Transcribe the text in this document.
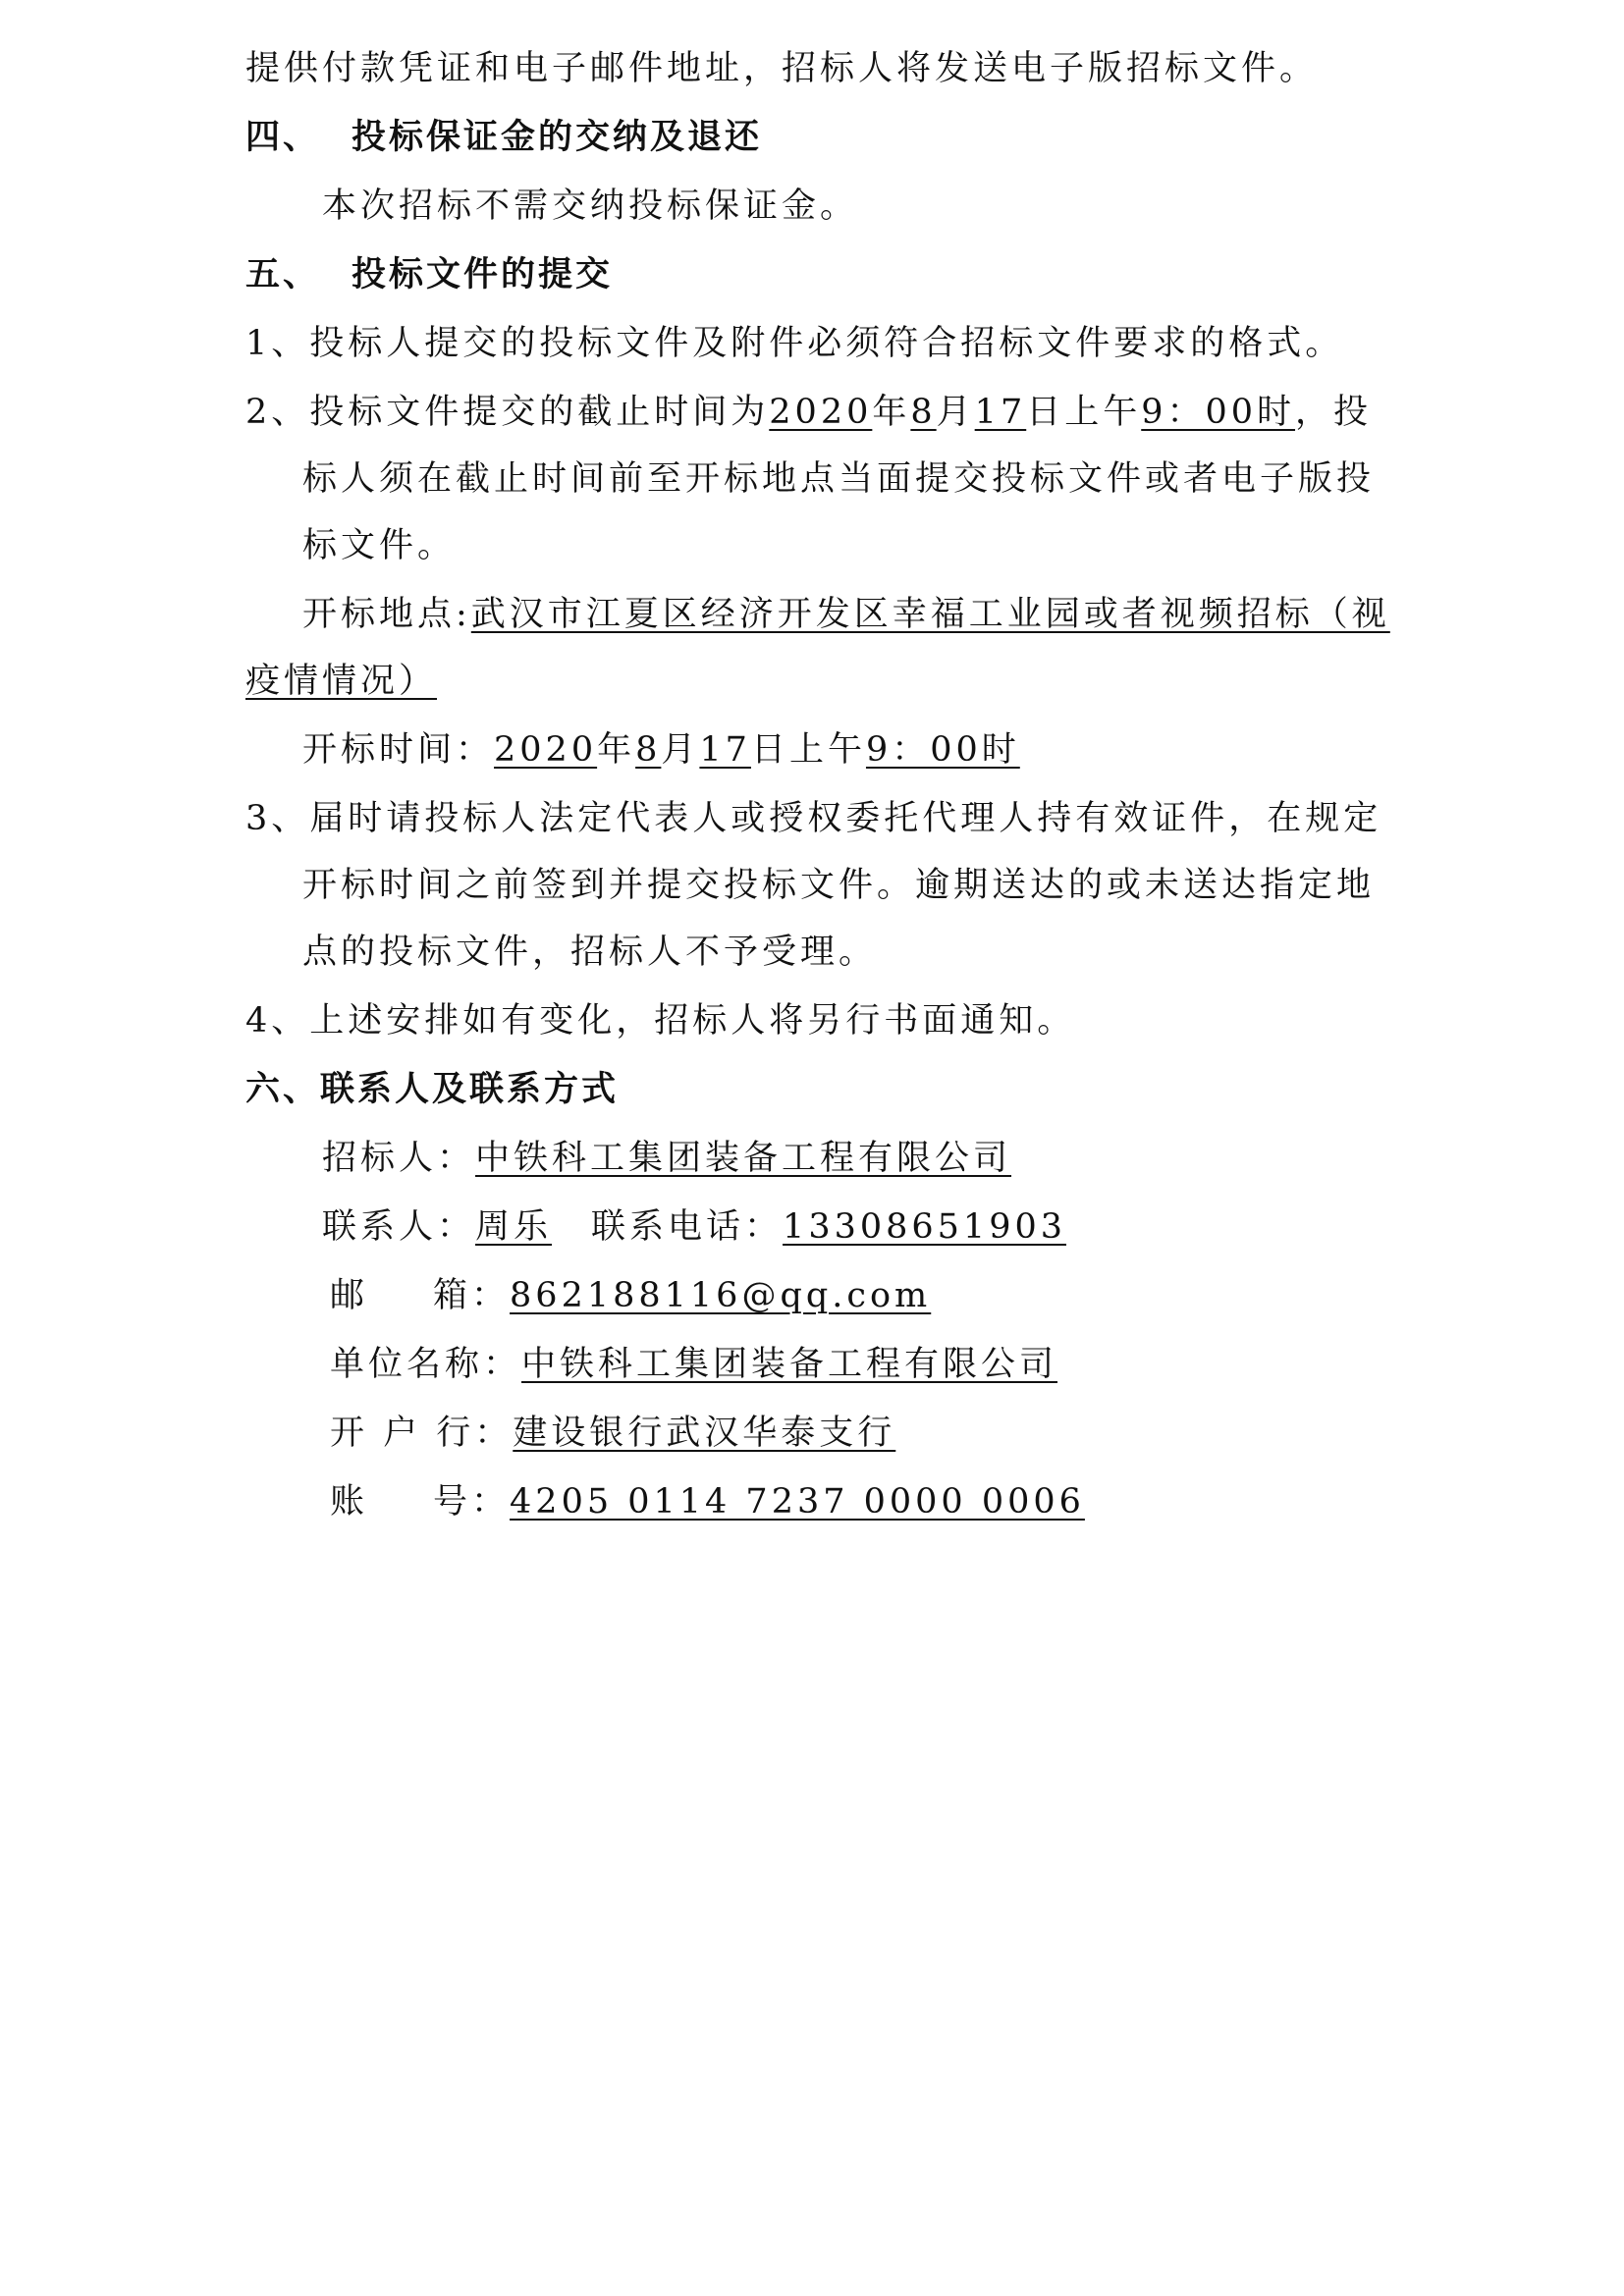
提供付款凭证和电子邮件地址，招标人将发送电子版招标文件。
四、 投标保证金的交纳及退还
本次招标不需交纳投标保证金。
五、 投标文件的提交
1、投标人提交的投标文件及附件必须符合招标文件要求的格式。
2、投标文件提交的截止时间为2020年8月17日上午9：00时，投
标人须在截止时间前至开标地点当面提交投标文件或者电子版投
标文件。
开标地点:武汉市江夏区经济开发区幸福工业园或者视频招标（视
疫情情况）
开标时间：2020年8月17日上午9：00时
3、届时请投标人法定代表人或授权委托代理人持有效证件，在规定
开标时间之前签到并提交投标文件。逾期送达的或未送达指定地
点的投标文件，招标人不予受理。
4、上述安排如有变化，招标人将另行书面通知。
六、联系人及联系方式
招标人：中铁科工集团装备工程有限公司
联系人：周乐 联系电话：13308651903
邮 箱：862188116@qq.com
单位名称：中铁科工集团装备工程有限公司
开 户 行：建设银行武汉华泰支行
账 号：4205 0114 7237 0000 0006
